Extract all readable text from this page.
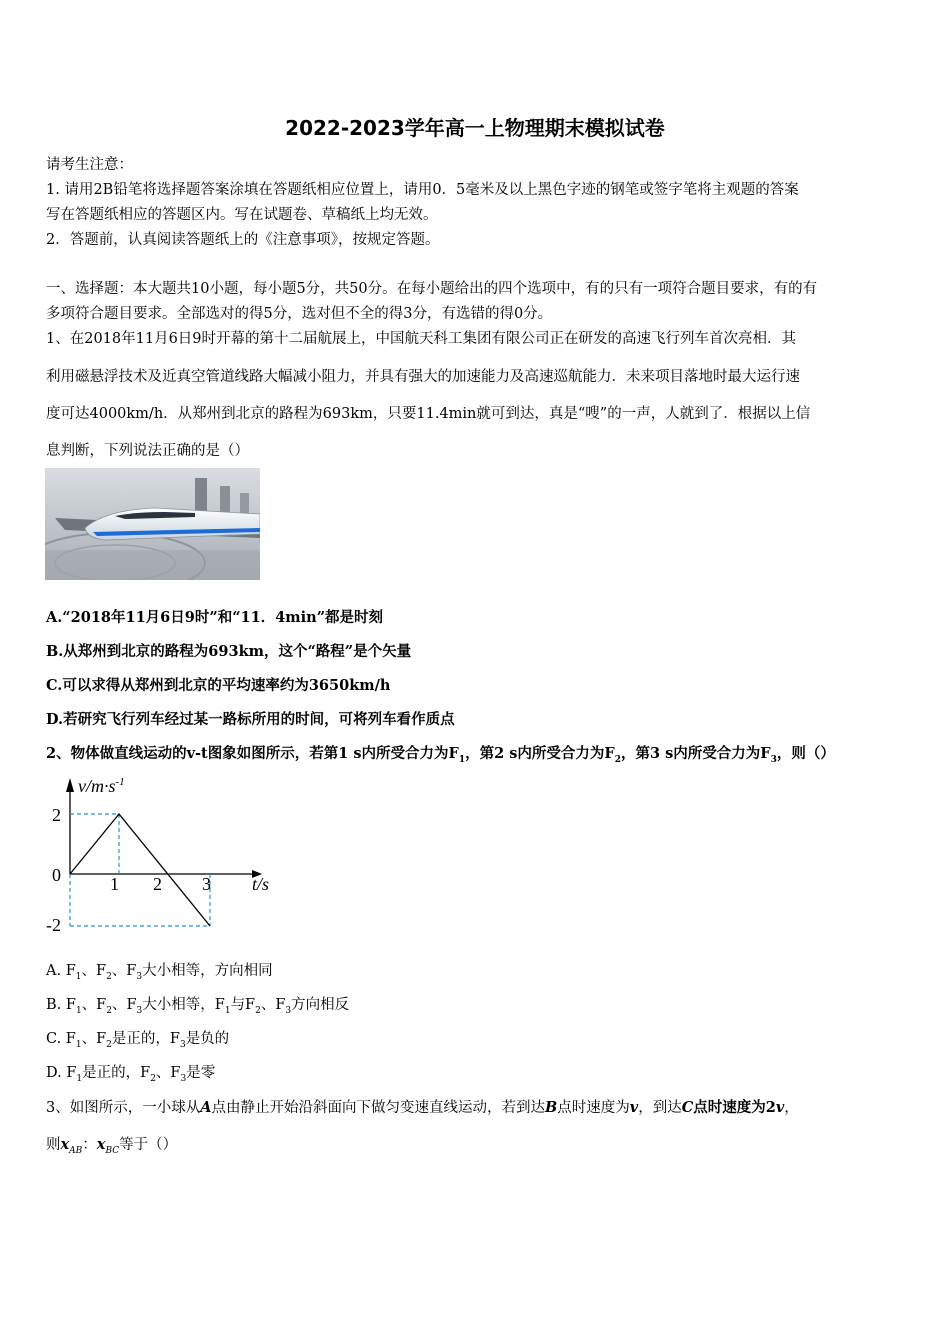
2022-2023学年高一上物理期末模拟试卷
请考生注意：
1. 请用2B铅笔将选择题答案涂填在答题纸相应位置上，请用0．5毫米及以上黑色字迹的钢笔或签字笔将主观题的答案
写在答题纸相应的答题区内。写在试题卷、草稿纸上均无效。
2．答题前，认真阅读答题纸上的《注意事项》，按规定答题。
一、选择题：本大题共10小题，每小题5分，共50分。在每小题给出的四个选项中，有的只有一项符合题目要求，有的有
多项符合题目要求。全部选对的得5分，选对但不全的得3分，有选错的得0分。
1、在2018年11月6日9时开幕的第十二届航展上，中国航天科工集团有限公司正在研发的高速飞行列车首次亮相．其
利用磁悬浮技术及近真空管道线路大幅减小阻力，并具有强大的加速能力及高速巡航能力．未来项目落地时最大运行速
度可达4000km/h．从郑州到北京的路程为693km，只要11.4min就可到达，真是“嗖”的一声，人就到了．根据以上信
息判断，下列说法正确的是（）
A.“2018年11月6日9时”和“11．4min”都是时刻
B.从郑州到北京的路程为693km，这个“路程”是个矢量
C.可以求得从郑州到北京的平均速率约为3650km/h
D.若研究飞行列车经过某一路标所用的时间，可将列车看作质点
2、物体做直线运动的v-t图象如图所示，若第1 s内所受合力为$F_1$，第2 s内所受合力为$F_2$，第3 s内所受合力为$F_3$，则（）
$v/m\cdot s^{-1}$
t/s
2
0
-2
1 2 3
A. $F_1$、$F_2$、$F_3$大小相等，方向相同
B. $F_1$、$F_2$、$F_3$大小相等，$F_1$与$F_2$、$F_3$方向相反
C. $F_1$、$F_2$是正的，$F_3$是负的
D. $F_1$是正的，$F_2$、$F_3$是零
3、如图所示，一小球从A点由静止开始沿斜面向下做匀变速直线运动，若到达B点时速度为v，到达C点时速度为2v，
则$x_{AB}$：$x_{BC}$等于（）
